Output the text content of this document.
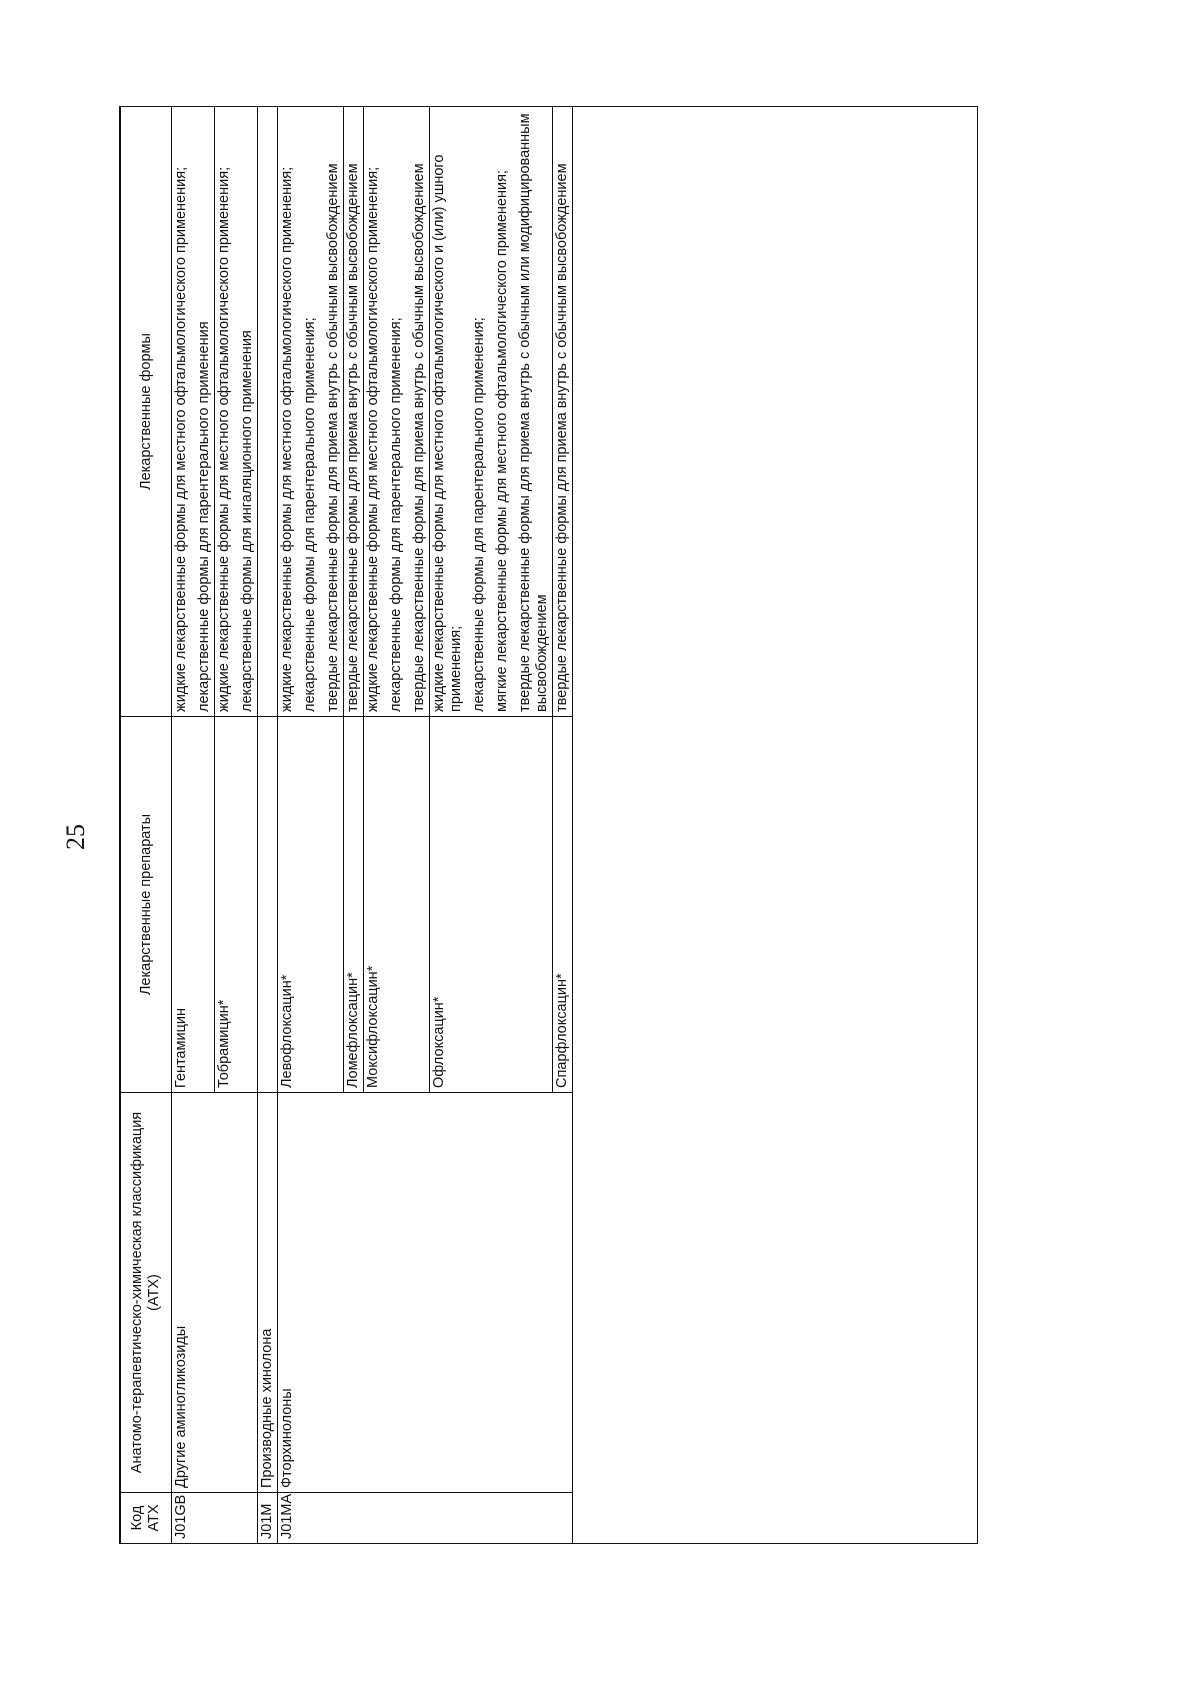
25
Код АТХ	Анатомо-терапевтическо-химическая классификация (АТХ)	Лекарственные препараты	Лекарственные формы
J01GB	Другие аминогликозиды	Гентамицин	жидкие лекарственные формы для местного офтальмологического применения; лекарственные формы для парентерального применения

		Тобрамицин*	жидкие лекарственные формы для местного офтальмологического применения; лекарственные формы для ингаляционного применения

J01M	Производные хинолона		

J01MA	Фторхинолоны	Левофлоксацин*	жидкие лекарственные формы для местного офтальмологического применения; лекарственные формы для парентерального применения; твердые лекарственные формы для приема внутрь с обычным высвобождением

		Ломефлоксацин*	твердые лекарственные формы для приема внутрь с обычным высвобождением

		Моксифлоксацин*	жидкие лекарственные формы для местного офтальмологического применения; лекарственные формы для парентерального применения; твердые лекарственные формы для приема внутрь с обычным высвобождением

		Офлоксацин*	жидкие лекарственные формы для местного офтальмологического и (или) ушного применения; лекарственные формы для парентерального применения; мягкие лекарственные формы для местного офтальмологического применения; твердые лекарственные формы для приема внутрь с обычным или модифицированным высвобождением

		Спарфлоксацин*	твердые лекарственные формы для приема внутрь с обычным высвобождением
